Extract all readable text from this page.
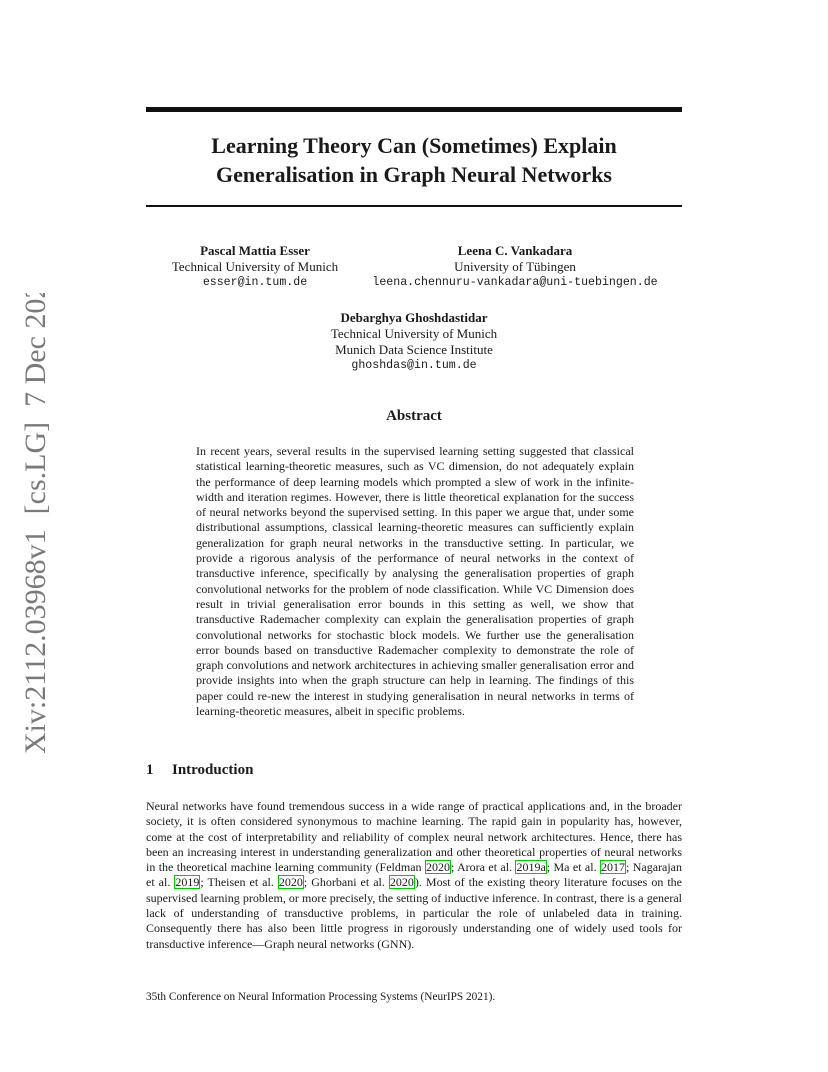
Learning Theory Can (Sometimes) Explain
Generalisation in Graph Neural Networks
Pascal Mattia Esser
Technical University of Munich
esser@in.tum.de
Leena C. Vankadara
University of Tübingen
leena.chennuru-vankadara@uni-tuebingen.de
Debarghya Ghoshdastidar
Technical University of Munich
Munich Data Science Institute
ghoshdas@in.tum.de
Abstract
In recent years, several results in the supervised learning setting suggested that classical statistical learning-theoretic measures, such as VC dimension, do not adequately explain the performance of deep learning models which prompted a slew of work in the infinite-width and iteration regimes. However, there is little theoretical explanation for the success of neural networks beyond the supervised setting. In this paper we argue that, under some distributional assumptions, classical learning-theoretic measures can sufficiently explain generalization for graph neural networks in the transductive setting. In particular, we provide a rigorous analysis of the performance of neural networks in the context of transductive inference, specifically by analysing the generalisation properties of graph convolutional networks for the problem of node classification. While VC Dimension does result in trivial generalisation error bounds in this setting as well, we show that transductive Rademacher complexity can explain the generalisation properties of graph convolutional networks for stochastic block models. We further use the generalisation error bounds based on transductive Rademacher complexity to demonstrate the role of graph convolutions and network architectures in achieving smaller generalisation error and provide insights into when the graph structure can help in learning. The findings of this paper could re-new the interest in studying generalisation in neural networks in terms of learning-theoretic measures, albeit in specific problems.
1 Introduction
Neural networks have found tremendous success in a wide range of practical applications and, in the broader society, it is often considered synonymous to machine learning. The rapid gain in popularity has, however, come at the cost of interpretability and reliability of complex neural network architectures. Hence, there has been an increasing interest in understanding generalization and other theoretical properties of neural networks in the theoretical machine learning community (Feldman 2020; Arora et al. 2019a; Ma et al. 2017; Nagarajan et al. 2019; Theisen et al. 2020; Ghorbani et al. 2020). Most of the existing theory literature focuses on the supervised learning problem, or more precisely, the setting of inductive inference. In contrast, there is a general lack of understanding of transductive problems, in particular the role of unlabeled data in training. Consequently there has also been little progress in rigorously understanding one of widely used tools for transductive inference—Graph neural networks (GNN).
35th Conference on Neural Information Processing Systems (NeurIPS 2021).
arXiv:2112.03968v1  [cs.LG]  7 Dec 2021
